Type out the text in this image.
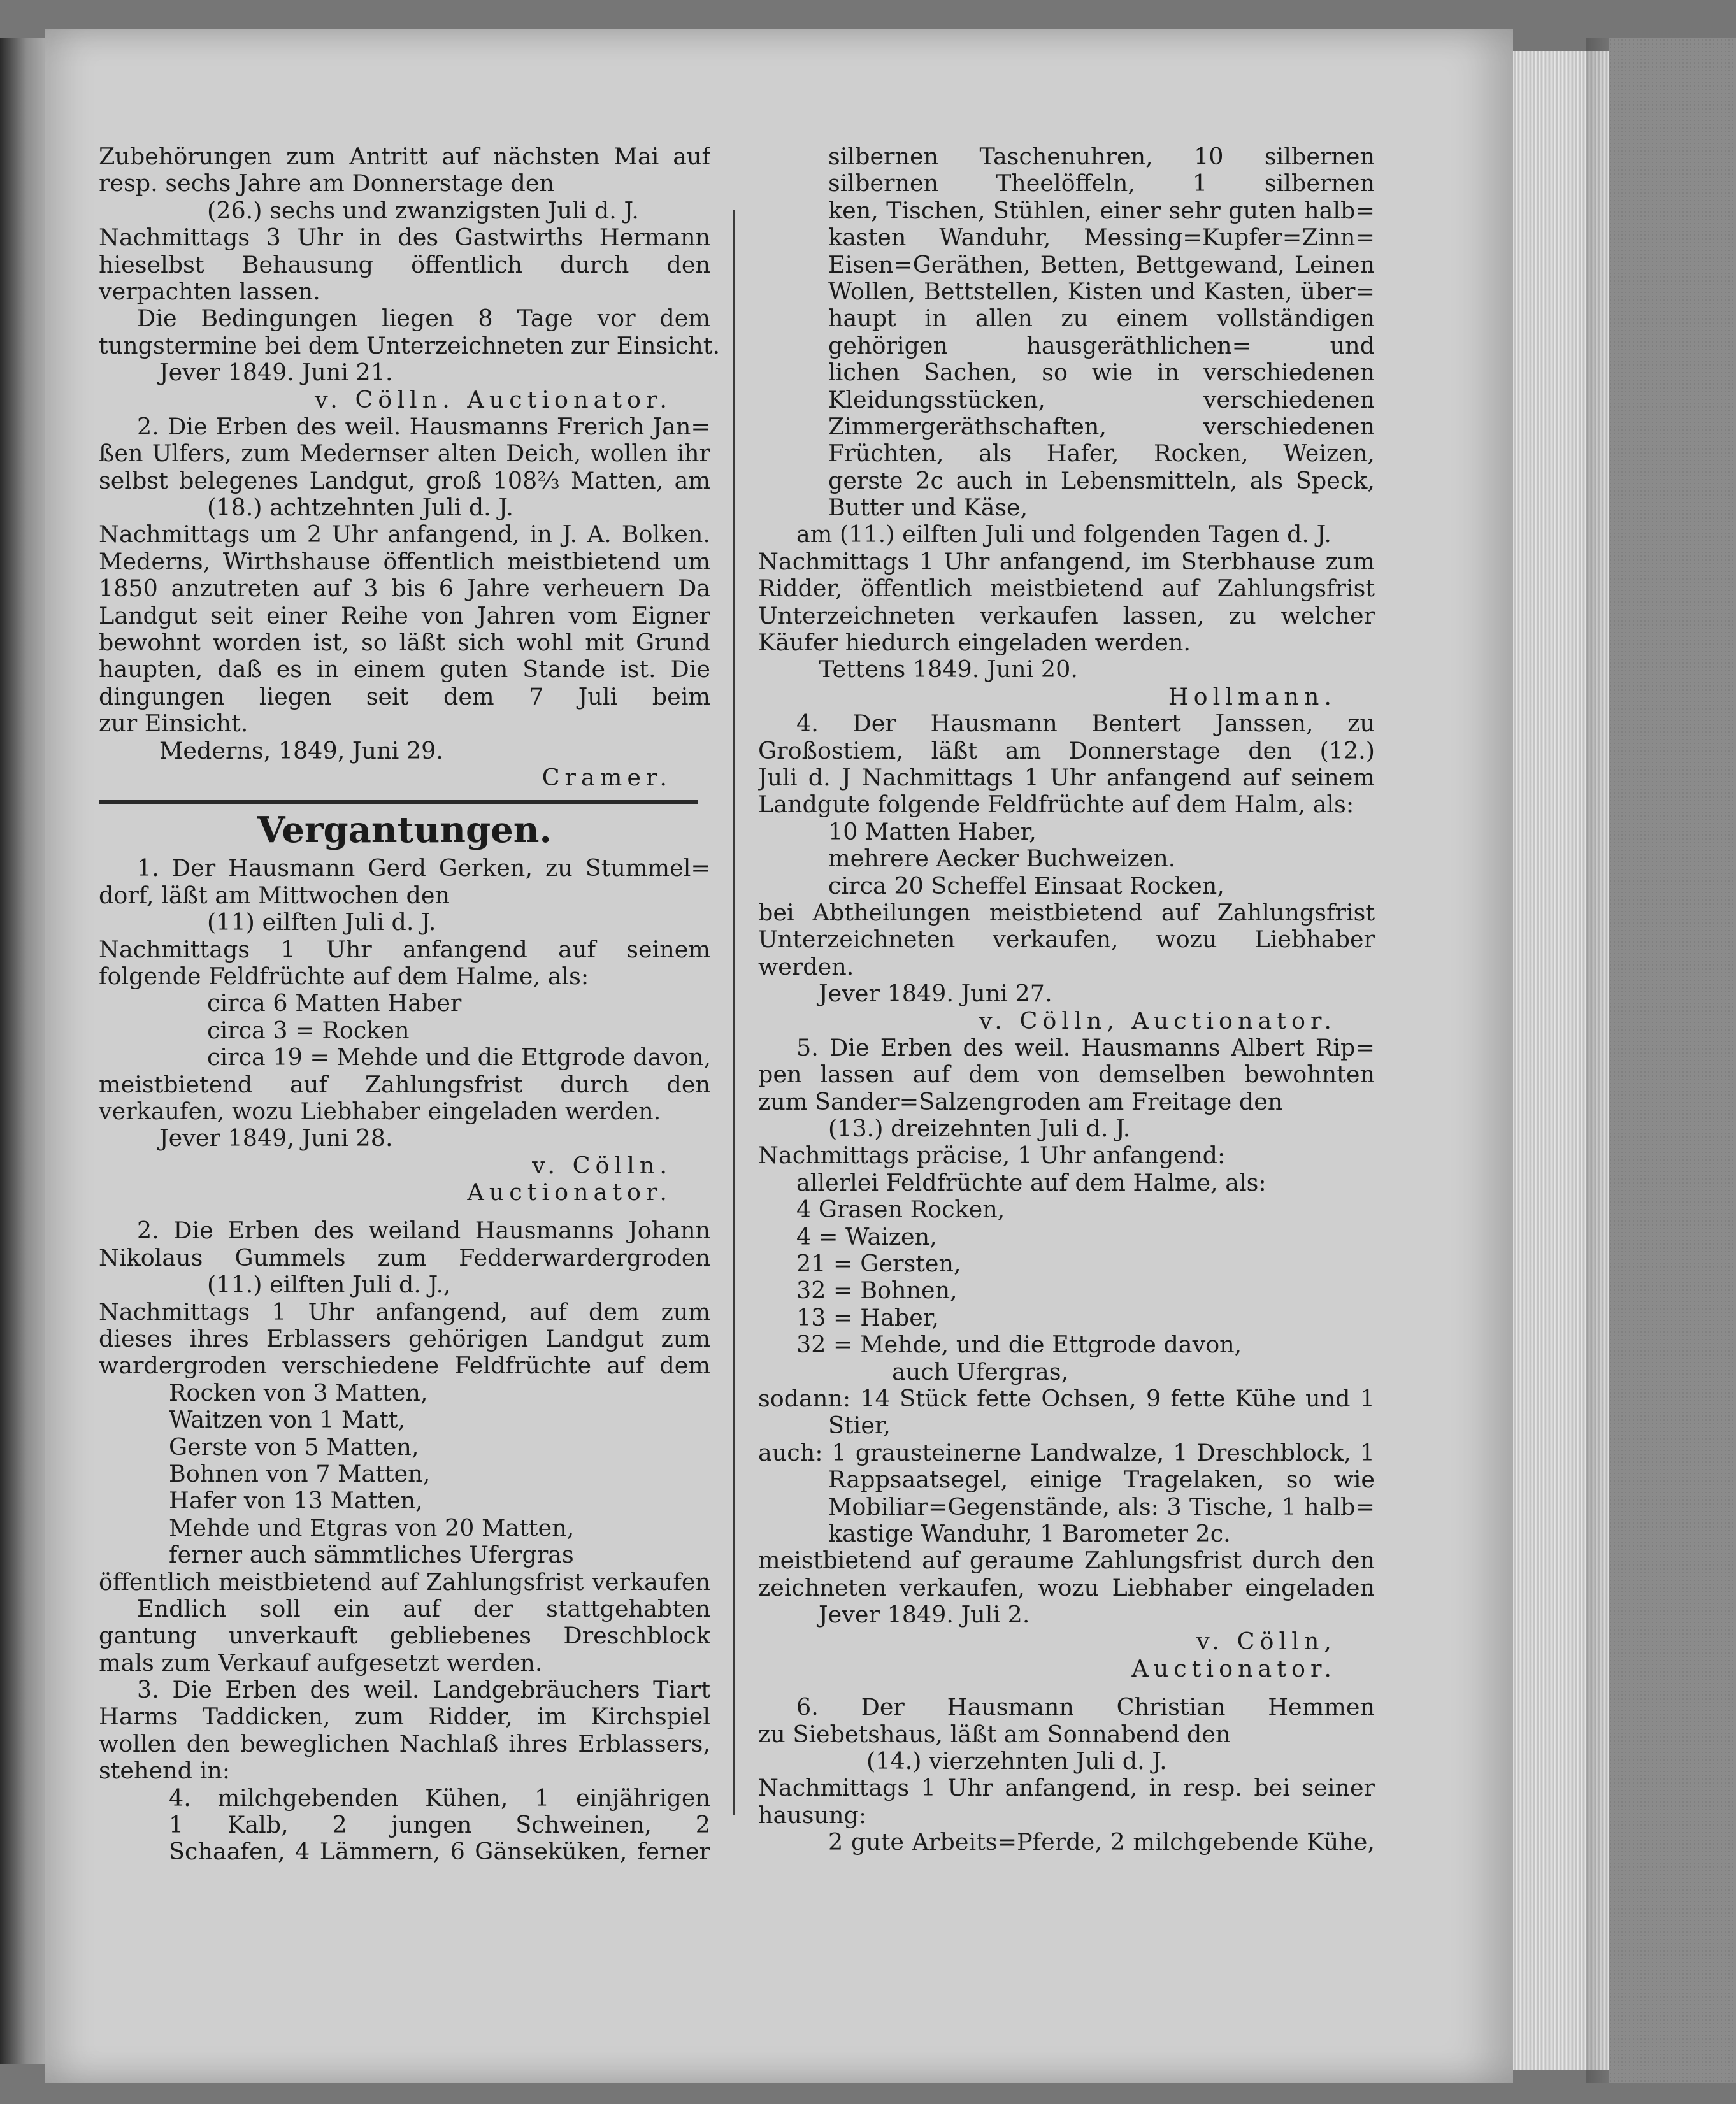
Zubehörungen zum Antritt auf nächsten Mai auf
resp. sechs Jahre am Donnerstage den
(26.) sechs und zwanzigsten Juli d. J.
Nachmittags 3 Uhr in des Gastwirths Hermann
hieselbst Behausung öffentlich durch den
verpachten lassen.
Die Bedingungen liegen 8 Tage vor dem
tungstermine bei dem Unterzeichneten zur Einsicht.
Jever 1849. Juni 21.
v. Cölln. Auctionator.
2. Die Erben des weil. Hausmanns Frerich Jan=
ßen Ulfers, zum Medernser alten Deich, wollen ihr
selbst belegenes Landgut, groß 108⅔ Matten, am
(18.) achtzehnten Juli d. J.
Nachmittags um 2 Uhr anfangend, in J. A. Bolken.
Mederns, Wirthshause öffentlich meistbietend um
1850 anzutreten auf 3 bis 6 Jahre verheuern Da
Landgut seit einer Reihe von Jahren vom Eigner
bewohnt worden ist, so läßt sich wohl mit Grund
haupten, daß es in einem guten Stande ist. Die
dingungen liegen seit dem 7 Juli beim
zur Einsicht.
Mederns, 1849, Juni 29.
Cramer.
Vergantungen.
1. Der Hausmann Gerd Gerken, zu Stummel=
dorf, läßt am Mittwochen den
(11) eilften Juli d. J.
Nachmittags 1 Uhr anfangend auf seinem
folgende Feldfrüchte auf dem Halme, als:
circa 6 Matten Haber
circa 3 = Rocken
circa 19 = Mehde und die Ettgrode davon,
meistbietend auf Zahlungsfrist durch den
verkaufen, wozu Liebhaber eingeladen werden.
Jever 1849, Juni 28.
v. Cölln.
Auctionator.
2. Die Erben des weiland Hausmanns Johann
Nikolaus Gummels zum Fedderwardergroden
(11.) eilften Juli d. J.,
Nachmittags 1 Uhr anfangend, auf dem zum
dieses ihres Erblassers gehörigen Landgut zum
wardergroden verschiedene Feldfrüchte auf dem
Rocken von 3 Matten,
Waitzen von 1 Matt,
Gerste von 5 Matten,
Bohnen von 7 Matten,
Hafer von 13 Matten,
Mehde und Etgras von 20 Matten,
ferner auch sämmtliches Ufergras
öffentlich meistbietend auf Zahlungsfrist verkaufen
Endlich soll ein auf der stattgehabten
gantung unverkauft gebliebenes Dreschblock
mals zum Verkauf aufgesetzt werden.
3. Die Erben des weil. Landgebräuchers Tiart
Harms Taddicken, zum Ridder, im Kirchspiel
wollen den beweglichen Nachlaß ihres Erblassers,
stehend in:
4. milchgebenden Kühen, 1 einjährigen
1 Kalb, 2 jungen Schweinen, 2
Schaafen, 4 Lämmern, 6 Gänseküken, ferner
silbernen Taschenuhren, 10 silbernen
silbernen Theelöffeln, 1 silbernen
ken, Tischen, Stühlen, einer sehr guten halb=
kasten Wanduhr, Messing=Kupfer=Zinn=
Eisen=Geräthen, Betten, Bettgewand, Leinen
Wollen, Bettstellen, Kisten und Kasten, über=
haupt in allen zu einem vollständigen
gehörigen hausgeräthlichen= und
lichen Sachen, so wie in verschiedenen
Kleidungsstücken, verschiedenen
Zimmergeräthschaften, verschiedenen
Früchten, als Hafer, Rocken, Weizen,
gerste 2c auch in Lebensmitteln, als Speck,
Butter und Käse,
am (11.) eilften Juli und folgenden Tagen d. J.
Nachmittags 1 Uhr anfangend, im Sterbhause zum
Ridder, öffentlich meistbietend auf Zahlungsfrist
Unterzeichneten verkaufen lassen, zu welcher
Käufer hiedurch eingeladen werden.
Tettens 1849. Juni 20.
Hollmann.
4. Der Hausmann Bentert Janssen, zu
Großostiem, läßt am Donnerstage den (12.)
Juli d. J Nachmittags 1 Uhr anfangend auf seinem
Landgute folgende Feldfrüchte auf dem Halm, als:
10 Matten Haber,
mehrere Aecker Buchweizen.
circa 20 Scheffel Einsaat Rocken,
bei Abtheilungen meistbietend auf Zahlungsfrist
Unterzeichneten verkaufen, wozu Liebhaber
werden.
Jever 1849. Juni 27.
v. Cölln, Auctionator.
5. Die Erben des weil. Hausmanns Albert Rip=
pen lassen auf dem von demselben bewohnten
zum Sander=Salzengroden am Freitage den
(13.) dreizehnten Juli d. J.
Nachmittags präcise, 1 Uhr anfangend:
allerlei Feldfrüchte auf dem Halme, als:
4 Grasen Rocken,
4 = Waizen,
21 = Gersten,
32 = Bohnen,
13 = Haber,
32 = Mehde, und die Ettgrode davon,
auch Ufergras,
sodann: 14 Stück fette Ochsen, 9 fette Kühe und 1
Stier,
auch: 1 grausteinerne Landwalze, 1 Dreschblock, 1
Rappsaatsegel, einige Tragelaken, so wie
Mobiliar=Gegenstände, als: 3 Tische, 1 halb=
kastige Wanduhr, 1 Barometer 2c.
meistbietend auf geraume Zahlungsfrist durch den
zeichneten verkaufen, wozu Liebhaber eingeladen
Jever 1849. Juli 2.
v. Cölln,
Auctionator.
6. Der Hausmann Christian Hemmen
zu Siebetshaus, läßt am Sonnabend den
(14.) vierzehnten Juli d. J.
Nachmittags 1 Uhr anfangend, in resp. bei seiner
hausung:
2 gute Arbeits=Pferde, 2 milchgebende Kühe,
